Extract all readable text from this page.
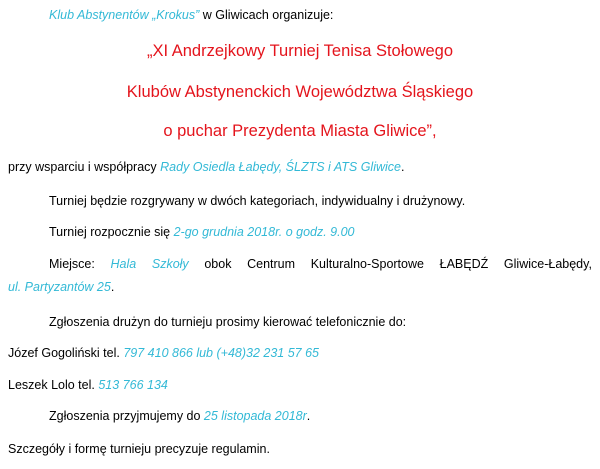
Klub Abstynentów „Krokus” w Gliwicach organizuje:
„XI Andrzejkowy Turniej Tenisa Stołowego
Klubów Abstynenckich Województwa Śląskiego
o puchar Prezydenta Miasta Gliwice”,
przy wsparciu i współpracy Rady Osiedla Łabędy, ŚLZTS i ATS Gliwice.
Turniej będzie rozgrywany w dwóch kategoriach, indywidualny i drużynowy.
Turniej rozpocznie się 2-go grudnia 2018r. o godz. 9.00
Miejsce: Hala Szkoły obok Centrum Kulturalno-Sportowe ŁABĘDŹ Gliwice-Łabędy,
ul. Partyzantów 25.
Zgłoszenia drużyn do turnieju prosimy kierować telefonicznie do:
Józef Gogoliński tel. 797 410 866 lub (+48)32 231 57 65
Leszek Lolo tel. 513 766 134
Zgłoszenia przyjmujemy do 25 listopada 2018r.
Szczegóły i formę turnieju precyzuje regulamin.
